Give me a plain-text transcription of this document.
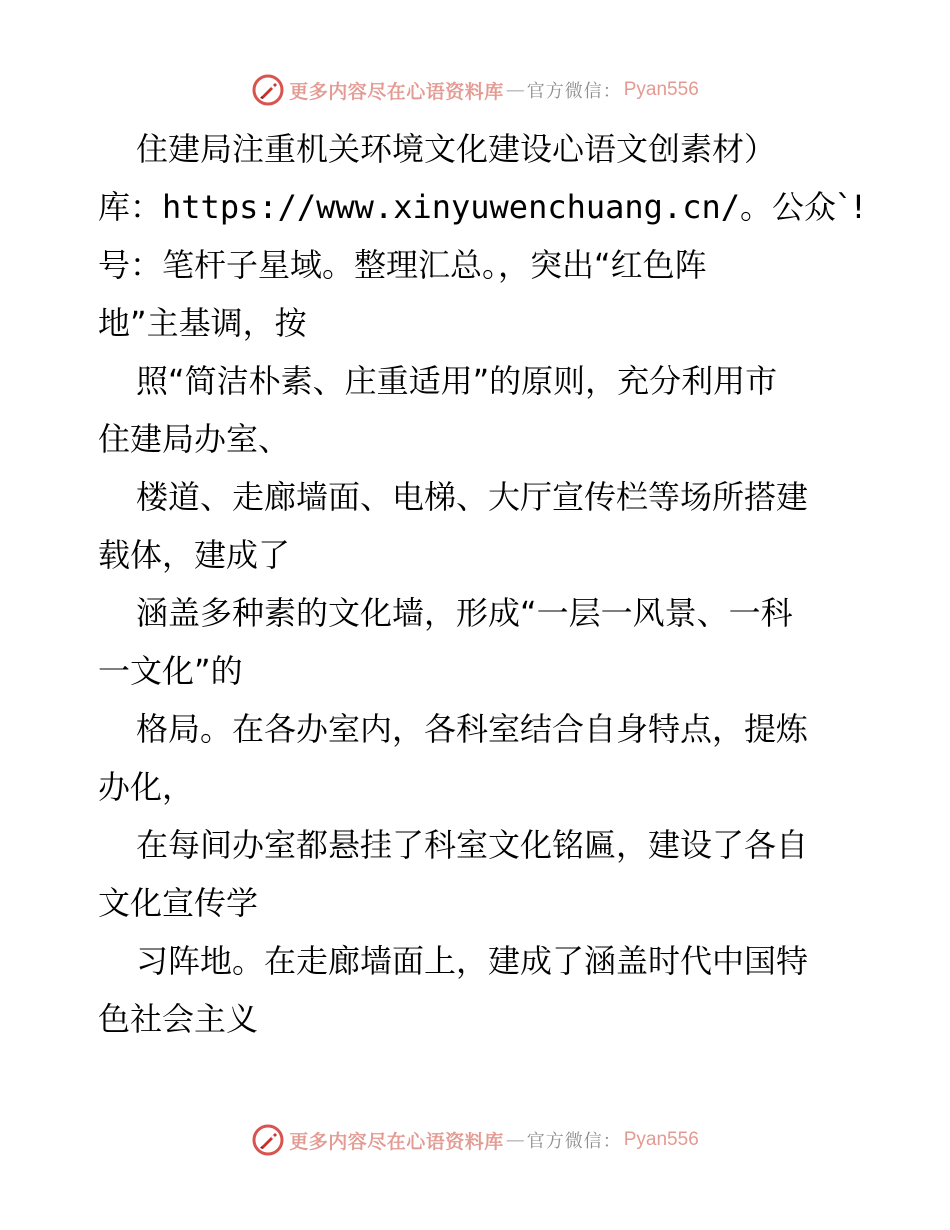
更多内容尽在心语资料库 — 官方微信： Pyan556
住建局注重机关环境文化建设心语文创素材）
库：https://www.xinyuwenchuang.cn/。公众`!
号：笔杆子星域。整理汇总。，突出“红色阵
地”主基调，按
照“简洁朴素、庄重适用”的原则，充分利用市
住建局办室、
楼道、走廊墙面、电梯、大厅宣传栏等场所搭建
载体，建成了
涵盖多种素的文化墙，形成“一层一风景、一科
一文化”的
格局。在各办室内，各科室结合自身特点，提炼
办化，
在每间办室都悬挂了科室文化铭匾，建设了各自
文化宣传学
习阵地。在走廊墙面上，建成了涵盖时代中国特
色社会主义
更多内容尽在心语资料库 — 官方微信： Pyan556
